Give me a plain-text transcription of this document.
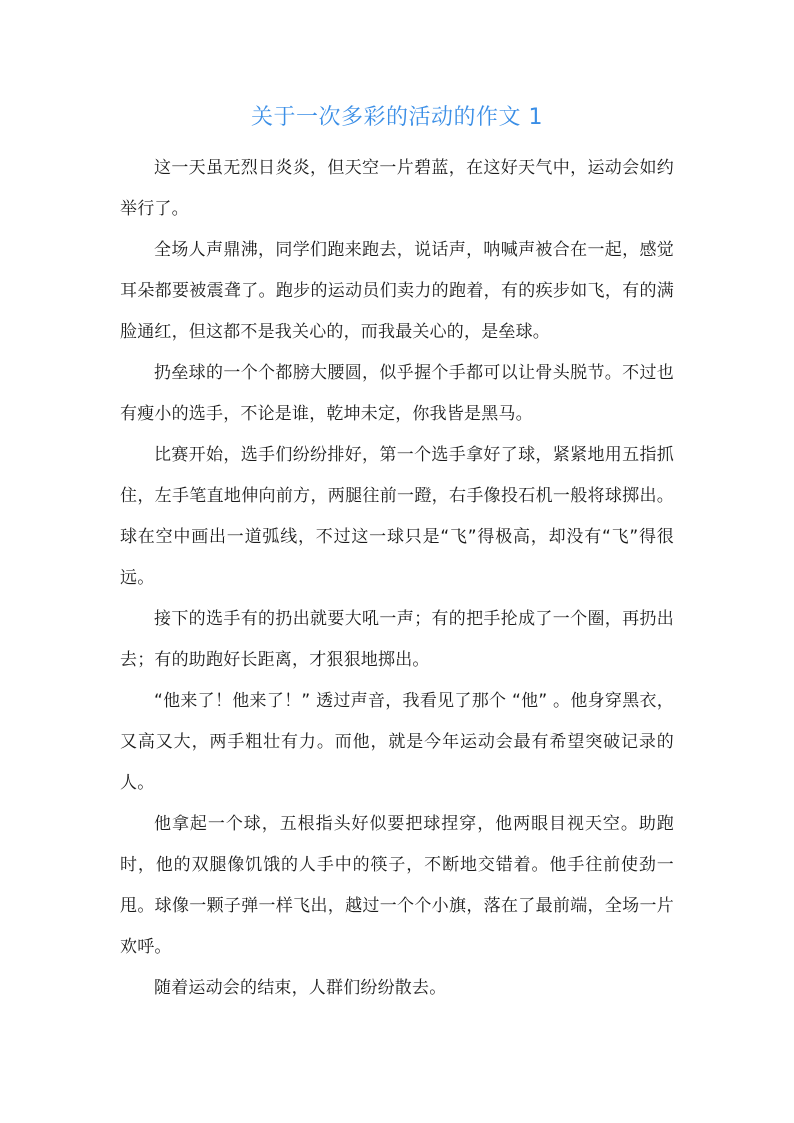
关于一次多彩的活动的作文 1

这一天虽无烈日炎炎，但天空一片碧蓝，在这好天气中，运动会如约举行了。

全场人声鼎沸，同学们跑来跑去，说话声，呐喊声被合在一起，感觉耳朵都要被震聋了。跑步的运动员们卖力的跑着，有的疾步如飞，有的满脸通红，但这都不是我关心的，而我最关心的，是垒球。

扔垒球的一个个都膀大腰圆，似乎握个手都可以让骨头脱节。不过也有瘦小的选手，不论是谁，乾坤未定，你我皆是黑马。

比赛开始，选手们纷纷排好，第一个选手拿好了球，紧紧地用五指抓住，左手笔直地伸向前方，两腿往前一蹬，右手像投石机一般将球掷出。球在空中画出一道弧线，不过这一球只是“飞”得极高，却没有“飞”得很远。

接下的选手有的扔出就要大吼一声；有的把手抡成了一个圈，再扔出去；有的助跑好长距离，才狠狠地掷出。

“他来了！他来了！” 透过声音，我看见了那个 “他” 。他身穿黑衣，又高又大，两手粗壮有力。而他，就是今年运动会最有希望突破记录的人。

他拿起一个球，五根指头好似要把球捏穿，他两眼目视天空。助跑时，他的双腿像饥饿的人手中的筷子，不断地交错着。他手往前使劲一甩。球像一颗子弹一样飞出，越过一个个小旗，落在了最前端，全场一片欢呼。

随着运动会的结束，人群们纷纷散去。
